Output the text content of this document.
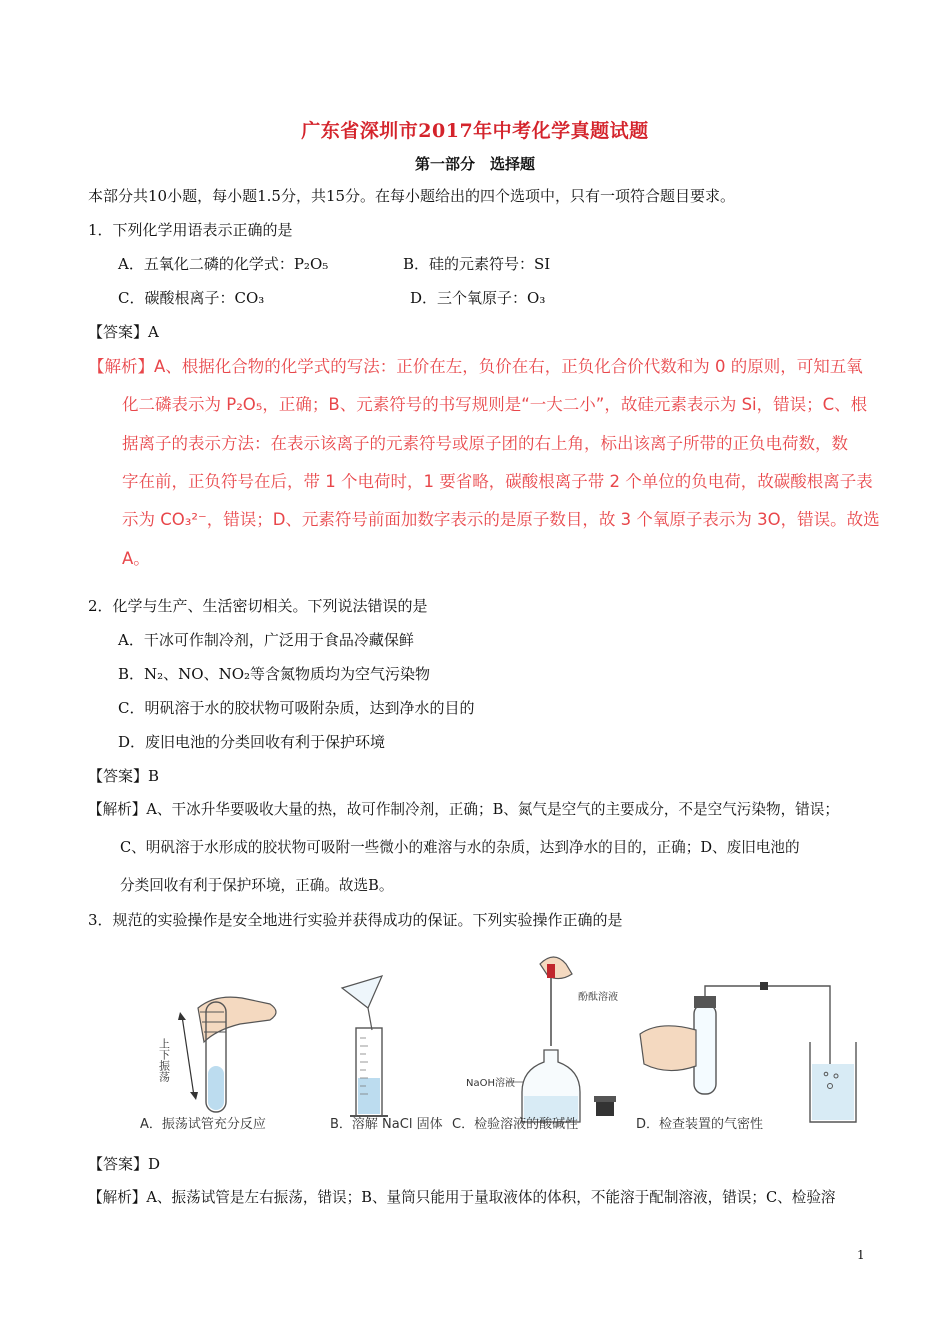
广东省深圳市2017年中考化学真题试题
第一部分　选择题
本部分共10小题，每小题1.5分，共15分。在每小题给出的四个选项中，只有一项符合题目要求。
1．下列化学用语表示正确的是
A．五氧化二磷的化学式：P₂O₅	B．硅的元素符号：SI
C．碳酸根离子：CO₃	D．三个氧原子：O₃
【答案】A
【解析】A、根据化合物的化学式的写法：正价在左，负价在右，正负化合价代数和为 0 的原则，可知五氧
化二磷表示为 P₂O₅，正确；B、元素符号的书写规则是“一大二小”，故硅元素表示为 Si，错误；C、根
据离子的表示方法：在表示该离子的元素符号或原子团的右上角，标出该离子所带的正负电荷数，数
字在前，正负符号在后，带 1 个电荷时，1 要省略，碳酸根离子带 2 个单位的负电荷，故碳酸根离子表
示为 CO₃²⁻，错误；D、元素符号前面加数字表示的是原子数目，故 3 个氧原子表示为 3O，错误。故选
A。
2．化学与生产、生活密切相关。下列说法错误的是
A．干冰可作制冷剂，广泛用于食品冷藏保鲜
B．N₂、NO、NO₂等含氮物质均为空气污染物
C．明矾溶于水的胶状物可吸附杂质，达到净水的目的
D．废旧电池的分类回收有利于保护环境
【答案】B
【解析】A、干冰升华要吸收大量的热，故可作制冷剂，正确；B、氮气是空气的主要成分，不是空气污染物，错误；
C、明矾溶于水形成的胶状物可吸附一些微小的难溶与水的杂质，达到净水的目的，正确；D、废旧电池的
分类回收有利于保护环境，正确。故选B。
3．规范的实验操作是安全地进行实验并获得成功的保证。下列实验操作正确的是
上下振荡
酚酞溶液
NaOH溶液
A．振荡试管充分反应	B．溶解 NaCl 固体 C．检验溶液的酸碱性	D．检查装置的气密性
【答案】D
【解析】A、振荡试管是左右振荡，错误；B、量筒只能用于量取液体的体积，不能溶于配制溶液，错误；C、检验溶
1
